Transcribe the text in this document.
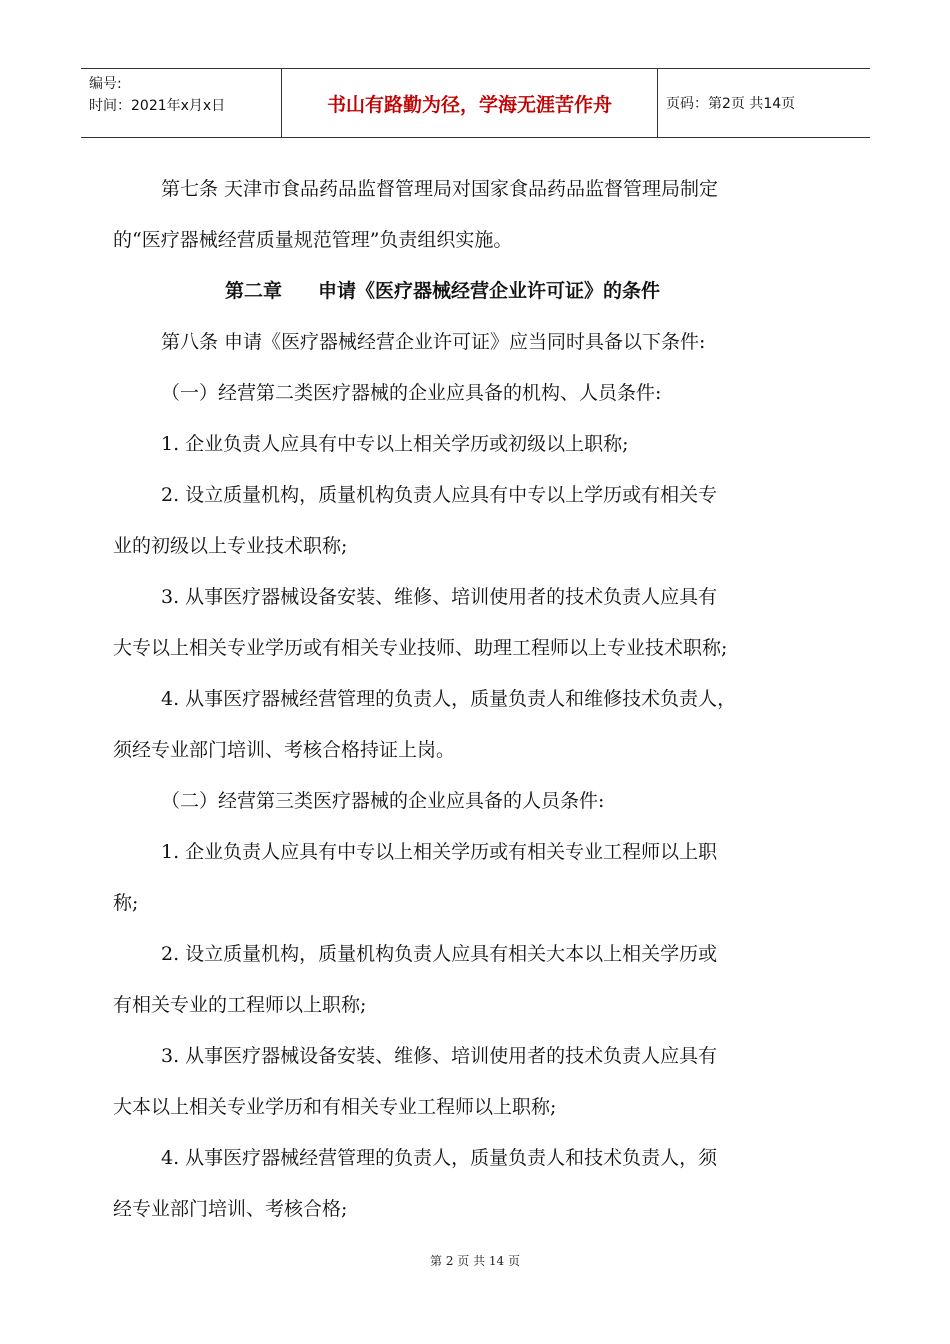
编号:
时间：2021年x月x日	书山有路勤为径，学海无涯苦作舟	页码：第2页 共14页

第七条 天津市食品药品监督管理局对国家食品药品监督管理局制定

的“医疗器械经营质量规范管理”负责组织实施。

第二章 申请《医疗器械经营企业许可证》的条件

第八条 申请《医疗器械经营企业许可证》应当同时具备以下条件:

（一）经营第二类医疗器械的企业应具备的机构、人员条件:

1. 企业负责人应具有中专以上相关学历或初级以上职称;

2. 设立质量机构，质量机构负责人应具有中专以上学历或有相关专

业的初级以上专业技术职称;

3. 从事医疗器械设备安装、维修、培训使用者的技术负责人应具有

大专以上相关专业学历或有相关专业技师、助理工程师以上专业技术职称;

4. 从事医疗器械经营管理的负责人，质量负责人和维修技术负责人，

须经专业部门培训、考核合格持证上岗。

（二）经营第三类医疗器械的企业应具备的人员条件:

1. 企业负责人应具有中专以上相关学历或有相关专业工程师以上职

称;

2. 设立质量机构，质量机构负责人应具有相关大本以上相关学历或

有相关专业的工程师以上职称;

3. 从事医疗器械设备安装、维修、培训使用者的技术负责人应具有

大本以上相关专业学历和有相关专业工程师以上职称;

4. 从事医疗器械经营管理的负责人，质量负责人和技术负责人，须

经专业部门培训、考核合格;

第 2 页 共 14 页
